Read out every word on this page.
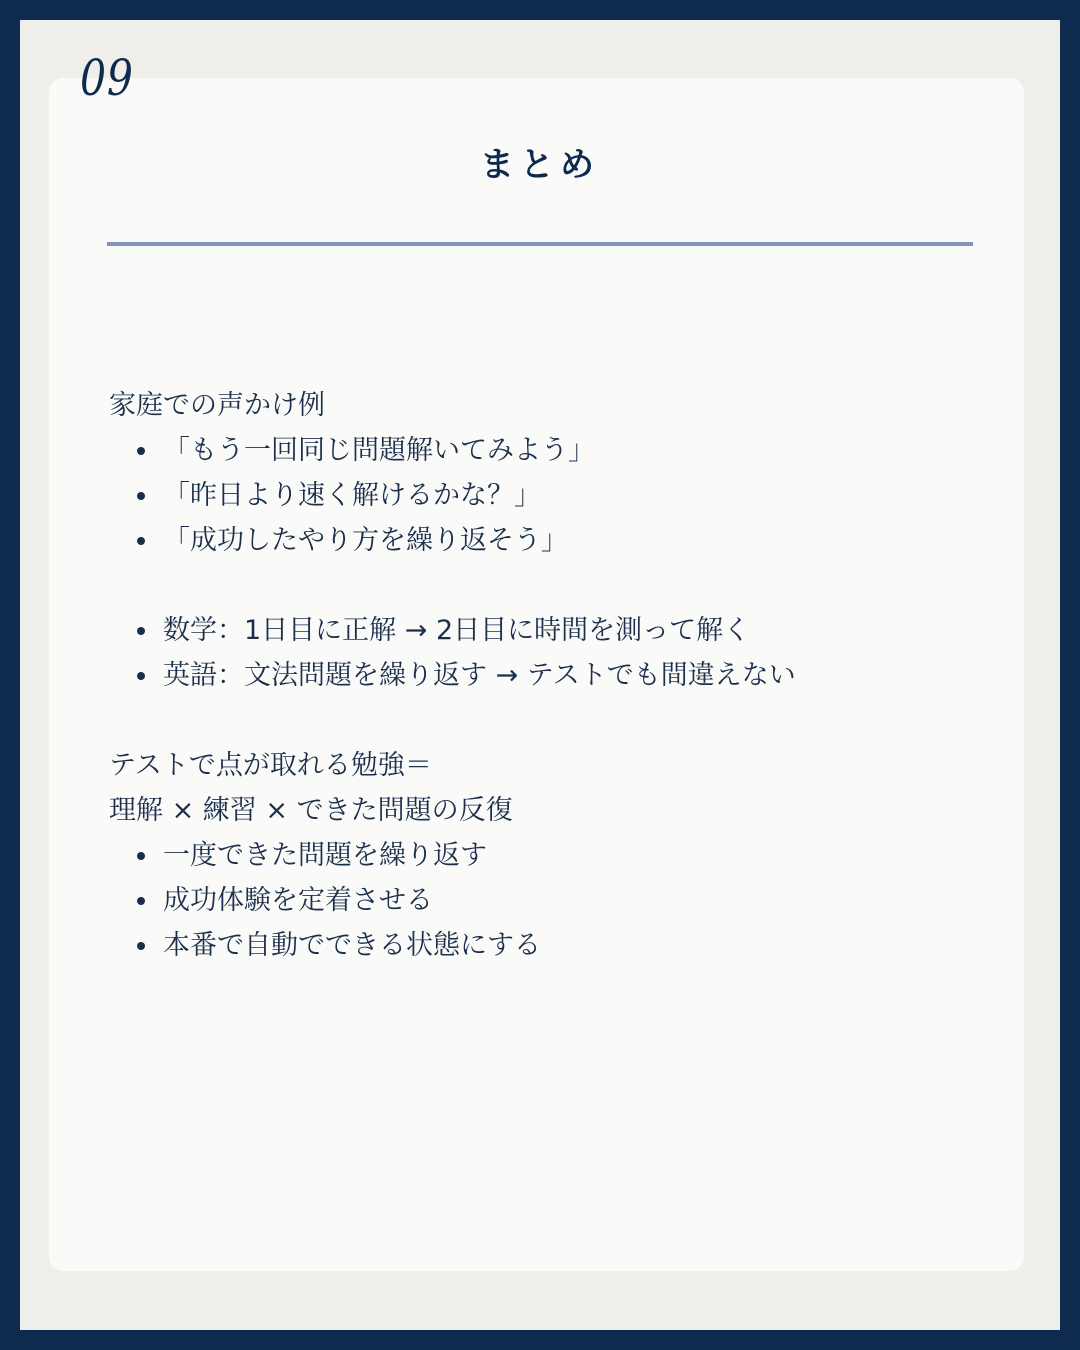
09
まとめ
家庭での声かけ例
「もう一回同じ問題解いてみよう」
「昨日より速く解けるかな？」
「成功したやり方を繰り返そう」
数学：1日目に正解 → 2日目に時間を測って解く
英語：文法問題を繰り返す → テストでも間違えない
テストで点が取れる勉強＝
理解 × 練習 × できた問題の反復
一度できた問題を繰り返す
成功体験を定着させる
本番で自動でできる状態にする
